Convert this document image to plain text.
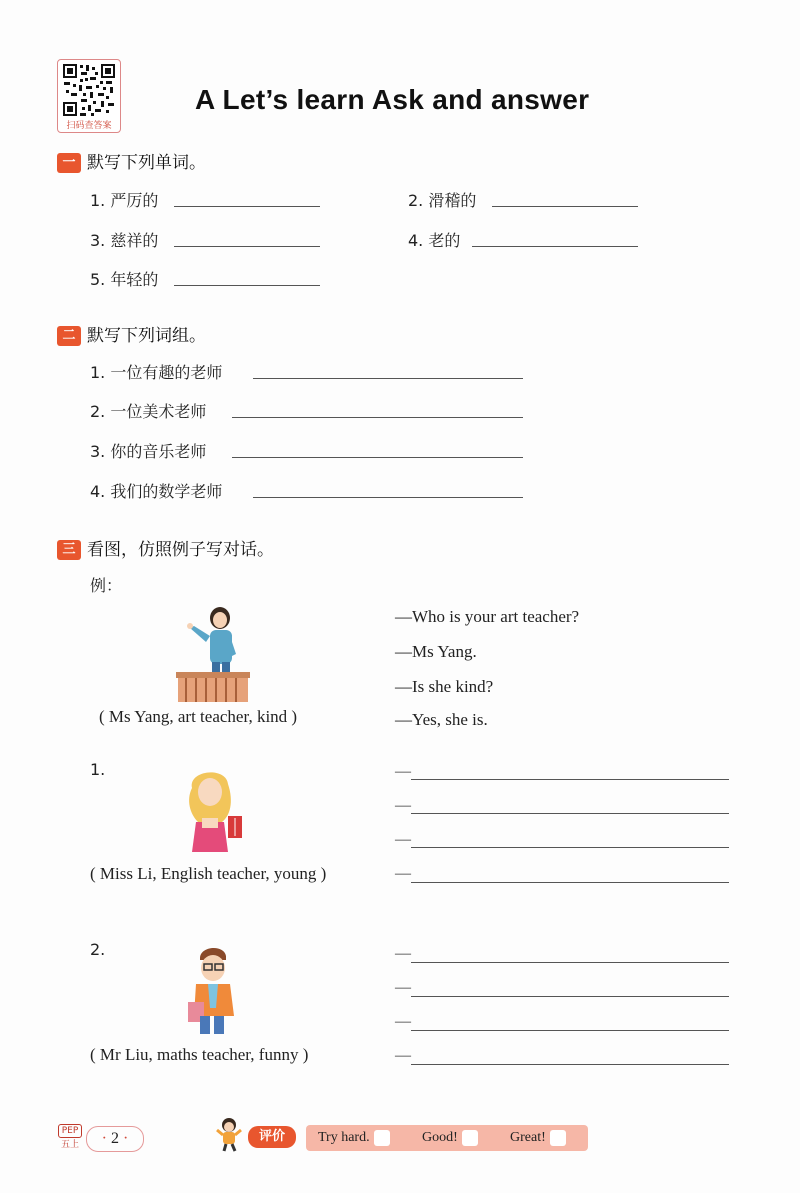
扫码查答案
A Let’s learn Ask and answer
一 默写下列单词。
1. 严厉的	2. 滑稽的
3. 慈祥的	4. 老的
5. 年轻的
二 默写下列词组。
1. 一位有趣的老师
2. 一位美术老师
3. 你的音乐老师
4. 我们的数学老师
三 看图，仿照例子写对话。
例：
( Ms Yang, art teacher, kind )
—Who is your art teacher?
—Ms Yang.
—Is she kind?
—Yes, she is.
1.
( Miss Li, English teacher, young )
—
—
—
—
2.
( Mr Liu, maths teacher, funny )
—
—
—
—
PEP
五上	· 2 ·	评价	Try hard.	Good!	Great!
